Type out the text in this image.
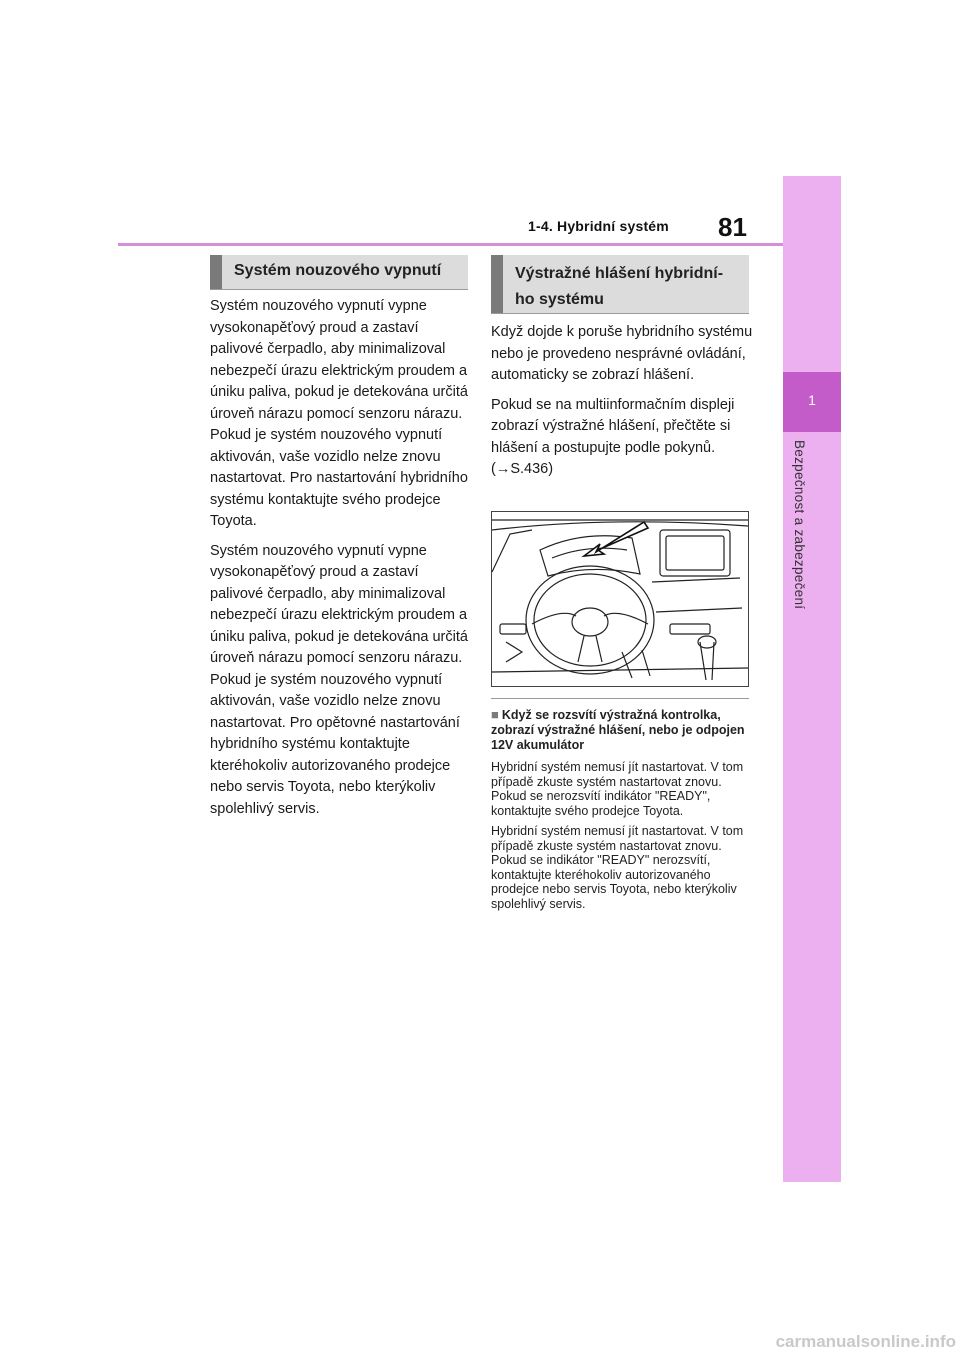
1-4. Hybridní systém 81
1
Bezpečnost a zabezpečení
Systém nouzového vypnutí

Systém nouzového vypnutí vypne vysokonapěťový proud a zastaví palivové čerpadlo, aby minimalizoval nebezpečí úrazu elektrickým proudem a úniku paliva, pokud je detekována určitá úroveň nárazu pomocí senzoru nárazu. Pokud je systém nouzového vypnutí aktivován, vaše vozidlo nelze znovu nastartovat. Pro nastartování hybridního systému kontaktujte svého prodejce Toyota.

Systém nouzového vypnutí vypne vysokonapěťový proud a zastaví palivové čerpadlo, aby minimalizoval nebezpečí úrazu elektrickým proudem a úniku paliva, pokud je detekována určitá úroveň nárazu pomocí senzoru nárazu. Pokud je systém nouzového vypnutí aktivován, vaše vozidlo nelze znovu nastartovat. Pro opětovné nastartování hybridního systému kontaktujte kteréhokoliv autorizovaného prodejce nebo servis Toyota, nebo kterýkoliv spolehlivý servis.

Výstražné hlášení hybridní-
ho systému

Když dojde k poruše hybridního systému nebo je provedeno nesprávné ovládání, automaticky se zobrazí hlášení.

Pokud se na multiinformačním displeji zobrazí výstražné hlášení, přečtěte si hlášení a postupujte podle pokynů. (→S.436)

■ Když se rozsvítí výstražná kontrolka, zobrazí výstražné hlášení, nebo je odpojen 12V akumulátor

Hybridní systém nemusí jít nastartovat. V tom případě zkuste systém nastartovat znovu. Pokud se nerozsvítí indikátor "READY", kontaktujte svého prodejce Toyota.

Hybridní systém nemusí jít nastartovat. V tom případě zkuste systém nastartovat znovu. Pokud se indikátor "READY" nerozsvítí, kontaktujte kteréhokoliv autorizovaného prodejce nebo servis Toyota, nebo kterýkoliv spolehlivý servis.

carmanualsonline.info
